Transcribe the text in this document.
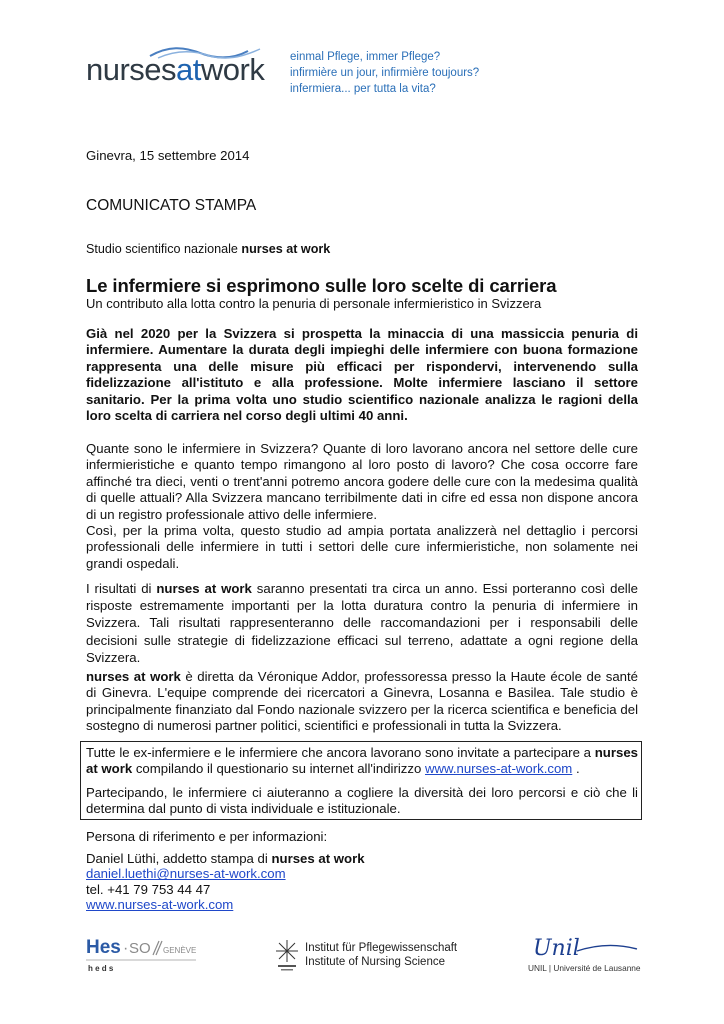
nursesatwork einmal Pflege, immer Pflege?
infirmière un jour, infirmière toujours?
infermiera... per tutta la vita?
Ginevra, 15 settembre 2014
COMUNICATO STAMPA
Studio scientifico nazionale nurses at work
Le infermiere si esprimono sulle loro scelte di carriera
Un contributo alla lotta contro la penuria di personale infermieristico in Svizzera
Già nel 2020 per la Svizzera si prospetta la minaccia di una massiccia penuria di infermiere. Aumentare la durata degli impieghi delle infermiere con buona formazione rappresenta una delle misure più efficaci per rispondervi, intervenendo sulla fidelizzazione all'istituto e alla professione. Molte infermiere lasciano il settore sanitario. Per la prima volta uno studio scientifico nazionale analizza le ragioni della loro scelta di carriera nel corso degli ultimi 40 anni.
Quante sono le infermiere in Svizzera? Quante di loro lavorano ancora nel settore delle cure infermieristiche e quanto tempo rimangono al loro posto di lavoro? Che cosa occorre fare affinché tra dieci, venti o trent'anni potremo ancora godere delle cure con la medesima qualità di quelle attuali? Alla Svizzera mancano terribilmente dati in cifre ed essa non dispone ancora di un registro professionale attivo delle infermiere.
Così, per la prima volta, questo studio ad ampia portata analizzerà nel dettaglio i percorsi professionali delle infermiere in tutti i settori delle cure infermieristiche, non solamente nei grandi ospedali.
I risultati di nurses at work saranno presentati tra circa un anno. Essi porteranno così delle risposte estremamente importanti per la lotta duratura contro la penuria di infermiere in Svizzera. Tali risultati rappresenteranno delle raccomandazioni per i responsabili delle decisioni sulle strategie di fidelizzazione efficaci sul terreno, adattate a ogni regione della Svizzera.
nurses at work è diretta da Véronique Addor, professoressa presso la Haute école de santé di Ginevra. L'equipe comprende dei ricercatori a Ginevra, Losanna e Basilea. Tale studio è principalmente finanziato dal Fondo nazionale svizzero per la ricerca scientifica e beneficia del sostegno di numerosi partner politici, scientifici e professionali in tutta la Svizzera.
Tutte le ex-infermiere e le infermiere che ancora lavorano sono invitate a partecipare a nurses at work compilando il questionario su internet all'indirizzo www.nurses-at-work.com .
Partecipando, le infermiere ci aiuteranno a cogliere la diversità dei loro percorsi e ciò che li determina dal punto di vista individuale e istituzionale.
Persona di riferimento e per informazioni:
Daniel Lüthi, addetto stampa di nurses at work
daniel.luethi@nurses-at-work.com
tel. +41 79 753 44 47
www.nurses-at-work.com
Hes · SO GENÈVE
h e d s
Institut für Pflegewissenschaft
Institute of Nursing Science
Unil
UNIL | Université de Lausanne
